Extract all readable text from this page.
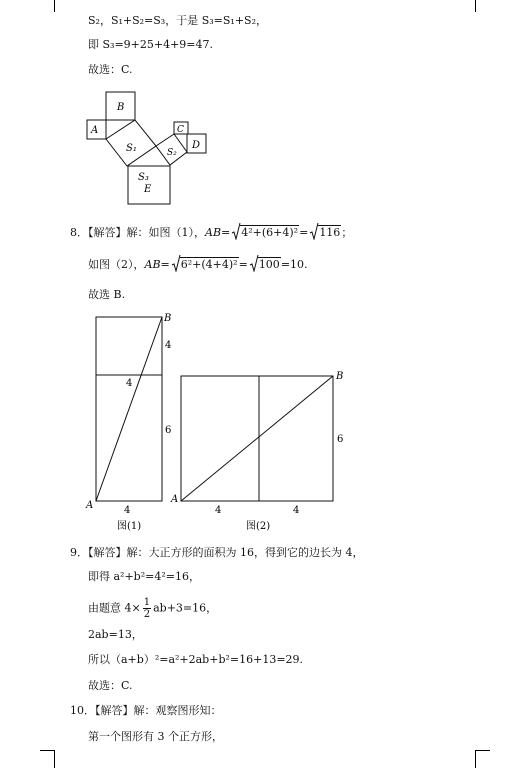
S₂，S₁+S₂=S₃，于是 S₃=S₁+S₂，
即 S₃=9+25+4+9=47.
故选：C.
B
A
S₁	S₂
C
D
S₃
E
8．【解答】解：如图（1），AB= 4²+(6+4)²= 116；
如图（2），AB= 6²+(4+4)²= 100=10.
故选 B.
B
4
4
6
A	4
图(1)
B
6
A
4	4
图(2)
9．【解答】解：大正方形的面积为 16，得到它的边长为 4，
即得 a²+b²=4²=16，
由题意 $4\times \frac{1}{2} ab+3=16$，
2ab=13，
所以（a+b）²=a²+2ab+b²=16+13=29.
故选：C.
10．【解答】解：观察图形知：
第一个图形有 3 个正方形，
